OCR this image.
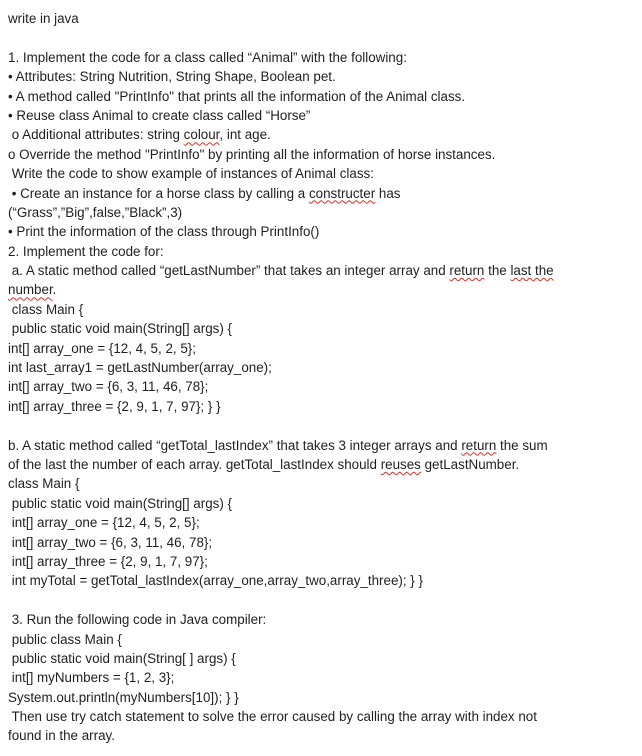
write in java
1. Implement the code for a class called “Animal” with the following:
• Attributes: String Nutrition, String Shape, Boolean pet.
• A method called "PrintInfo" that prints all the information of the Animal class.
• Reuse class Animal to create class called “Horse”
o Additional attributes: string colour, int age.
o Override the method "PrintInfo" by printing all the information of horse instances.
Write the code to show example of instances of Animal class:
• Create an instance for a horse class by calling a constructer has
(“Grass”,”Big”,false,”Black”,3)
• Print the information of the class through PrintInfo()
2. Implement the code for:
a. A static method called “getLastNumber” that takes an integer array and return the last the
number.
class Main {
public static void main(String[] args) {
int[] array_one = {12, 4, 5, 2, 5};
int last_array1 = getLastNumber(array_one);
int[] array_two = {6, 3, 11, 46, 78};
int[] array_three = {2, 9, 1, 7, 97}; } }
b. A static method called “getTotal_lastIndex” that takes 3 integer arrays and return the sum
of the last the number of each array. getTotal_lastIndex should reuses getLastNumber.
class Main {
public static void main(String[] args) {
int[] array_one = {12, 4, 5, 2, 5};
int[] array_two = {6, 3, 11, 46, 78};
int[] array_three = {2, 9, 1, 7, 97};
int myTotal = getTotal_lastIndex(array_one,array_two,array_three); } }
3. Run the following code in Java compiler:
public class Main {
public static void main(String[ ] args) {
int[] myNumbers = {1, 2, 3};
System.out.println(myNumbers[10]); } }
Then use try catch statement to solve the error caused by calling the array with index not
found in the array.
